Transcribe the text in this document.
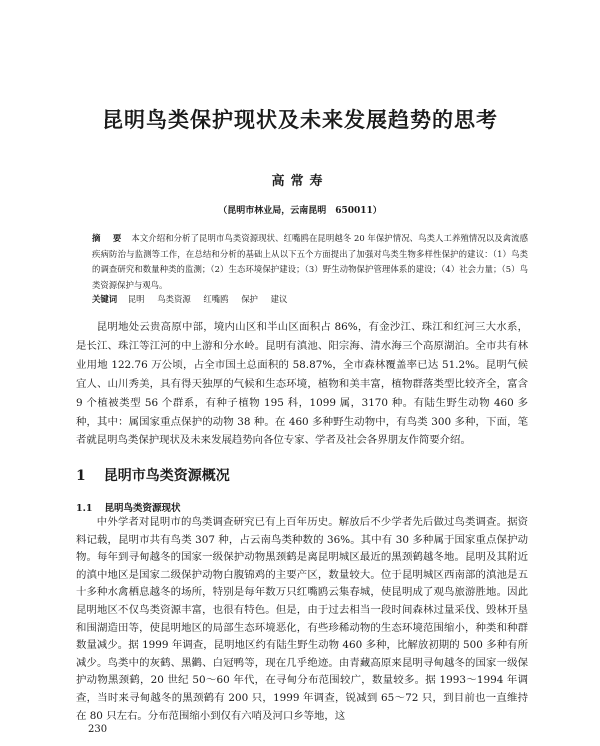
昆明鸟类保护现状及未来发展趋势的思考
高常寿
（昆明市林业局，云南昆明　650011）
摘　要 本文介绍和分析了昆明市鸟类资源现状、红嘴鸥在昆明越冬 20 年保护情况、鸟类人工养殖情况以及禽流感疾病防治与监测等工作，在总结和分析的基础上从以下五个方面提出了加强对鸟类生物多样性保护的建议：（1）鸟类的调查研究和数量种类的监测；（2）生态环境保护建设；（3）野生动物保护管理体系的建设；（4）社会力量；（5）鸟类资源保护与观鸟。
关键词 昆明 鸟类资源 红嘴鸥 保护 建议
昆明地处云贵高原中部，境内山区和半山区面积占 86%，有金沙江、珠江和红河三大水系，是长江、珠江等江河的中上游和分水岭。昆明有滇池、阳宗海、清水海三个高原湖泊。全市共有林业用地 122.76 万公顷，占全市国土总面积的 58.87%，全市森林覆盖率已达 51.2%。昆明气候宜人、山川秀美，具有得天独厚的气候和生态环境，植物和美丰富，植物群落类型比较齐全，富含 9 个植被类型 56 个群系，有种子植物 195 科，1099 属，3170 种。有陆生野生动物 460 多种，其中：属国家重点保护的动物 38 种。在 460 多种野生动物中，有鸟类 300 多种，下面，笔者就昆明鸟类保护现状及未来发展趋势向各位专家、学者及社会各界朋友作简要介绍。
1 昆明市鸟类资源概况
1.1 昆明鸟类资源现状
中外学者对昆明市的鸟类调查研究已有上百年历史。解放后不少学者先后做过鸟类调查。据资料记载，昆明市共有鸟类 307 种，占云南鸟类种数的 36%。其中有 30 多种属于国家重点保护动物。每年到寻甸越冬的国家一级保护动物黑颈鹤是离昆明城区最近的黑颈鹤越冬地。昆明及其附近的滇中地区是国家二级保护动物白腹锦鸡的主要产区，数量较大。位于昆明城区西南部的滇池是五十多种水禽栖息越冬的场所，特别是每年数万只红嘴鸥云集春城，使昆明成了观鸟旅游胜地。因此昆明地区不仅鸟类资源丰富，也很有特色。但是，由于过去相当一段时间森林过量采伐、毁林开垦和围湖造田等，使昆明地区的局部生态环境恶化，有些珍稀动物的生态环境范围缩小，种类和种群数量减少。据 1999 年调查，昆明地区约有陆生野生动物 460 多种，比解放初期的 500 多种有所减少。鸟类中的灰鹤、黑鹳、白冠鸭等，现在几乎绝迹。由青藏高原来昆明寻甸越冬的国家一级保护动物黑颈鹤，20 世纪 50～60 年代，在寻甸分布范围较广，数量较多。据 1993～1994 年调查，当时来寻甸越冬的黑颈鹤有 200 只，1999 年调查，锐减到 65～72 只，到目前也一直维持在 80 只左右。分布范围缩小到仅有六哨及河口乡等地，这
230
